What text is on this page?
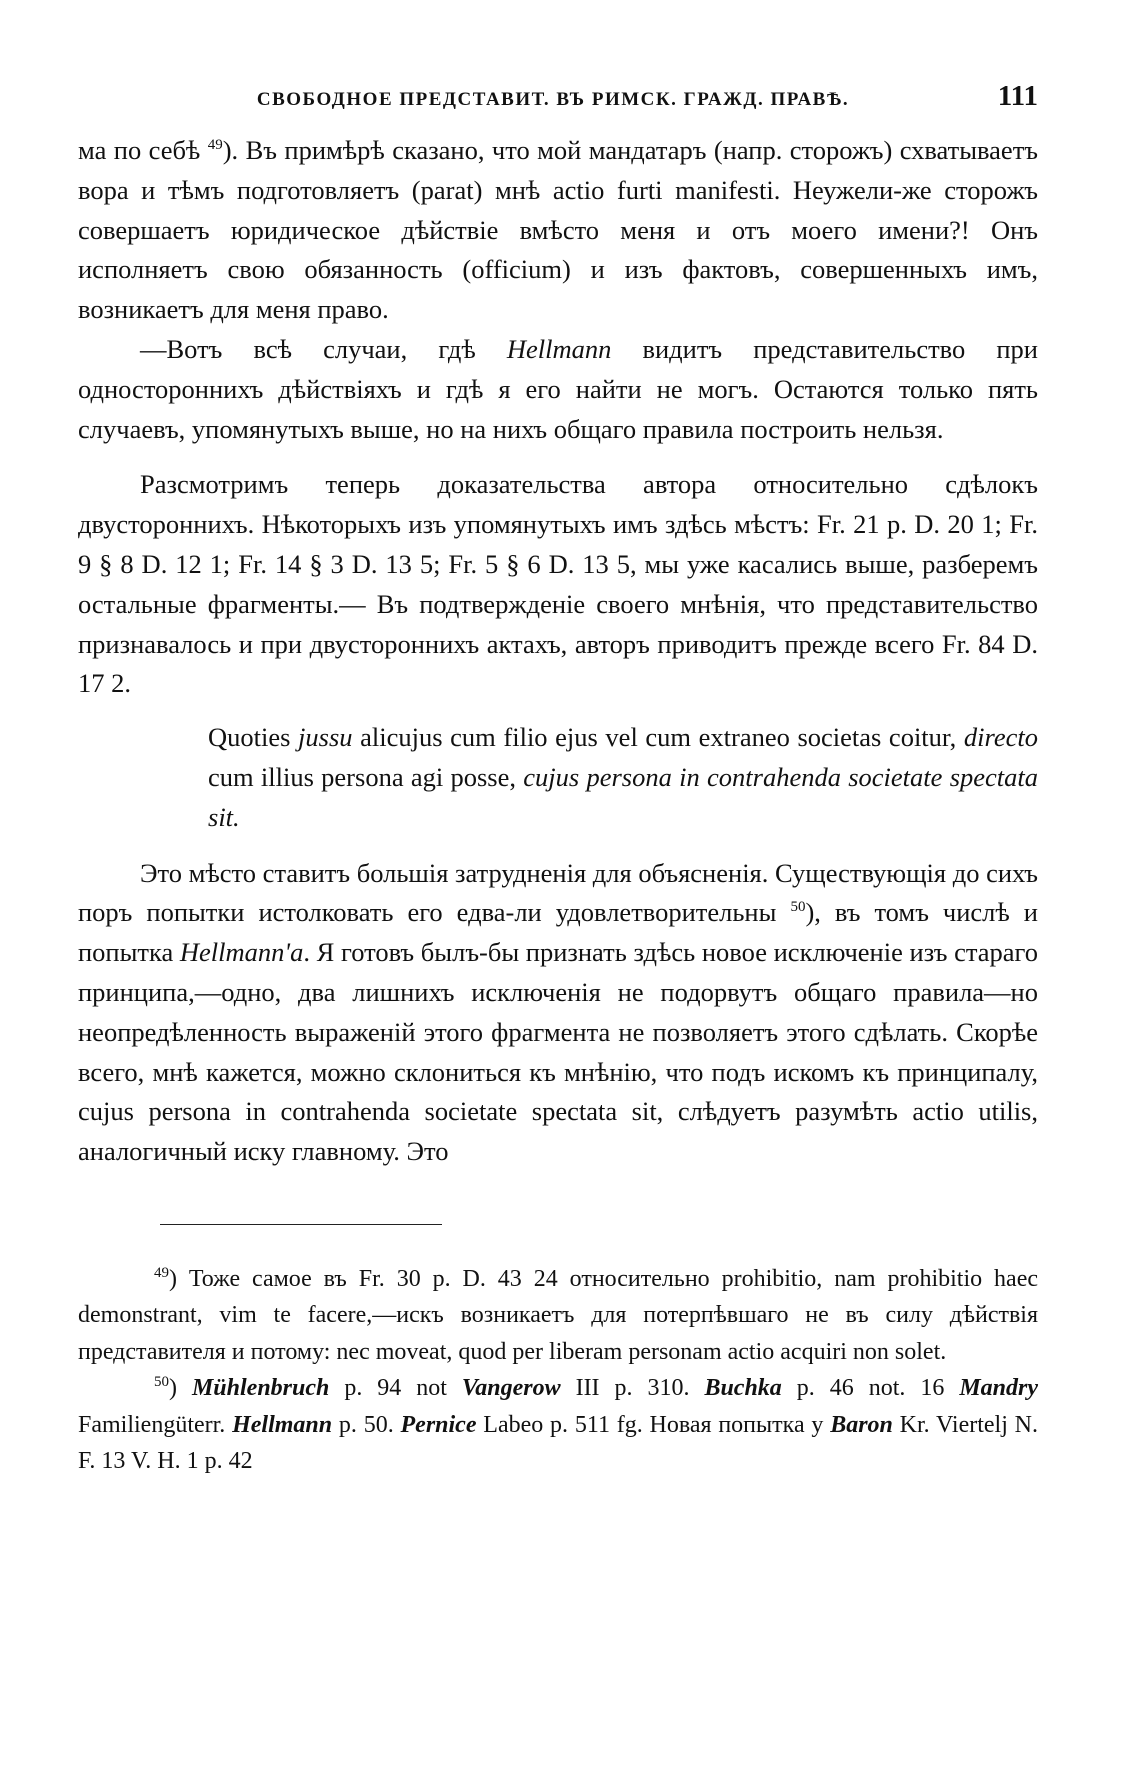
СВОБОДНОЕ ПРЕДСТАВИТ. ВЪ РИМСК. ГРАЖД. ПРАВѢ.	111

ма по себѣ $^{49}$). Въ примѣрѣ сказано, что мой мандатаръ (напр. сторожъ) схватываетъ вора и тѣмъ подготовляетъ (parat) мнѣ actio furti manifesti. Неужели-же сторожъ совершаетъ юридическое дѣйствіе вмѣсто меня и отъ моего имени?! Онъ исполняетъ свою обязанность (officium) и изъ фактовъ, совершенныхъ имъ, возникаетъ для меня право.

—Вотъ всѣ случаи, гдѣ Hellmann видитъ представительство при одностороннихъ дѣйствіяхъ и гдѣ я его найти не могъ. Остаются только пять случаевъ, упомянутыхъ выше, но на нихъ общаго правила построить нельзя.

Разсмотримъ теперь доказательства автора относительно сдѣлокъ двустороннихъ. Нѣкоторыхъ изъ упомянутыхъ имъ здѣсь мѣстъ: Fr. 21 p. D. 20 1; Fr. 9 § 8 D. 12 1; Fr. 14 § 3 D. 13 5; Fr. 5 § 6 D. 13 5, мы уже касались выше, разберемъ остальные фрагменты.— Въ подтвержденіе своего мнѣнія, что представительство признавалось и при двустороннихъ актахъ, авторъ приводитъ прежде всего Fr. 84 D. 17 2.

Quoties jussu alicujus cum filio ejus vel cum extraneo societas coitur, directo cum illius persona agi posse, cujus persona in contrahenda societate spectata sit.

Это мѣсто ставитъ большія затрудненія для объясненія. Существующія до сихъ поръ попытки истолковать его едва-ли удовлетворительны $^{50}$), въ томъ числѣ и попытка Hellmann'a. Я готовъ былъ-бы признать здѣсь новое исключеніе изъ стараго принципа,—одно, два лишнихъ исключенія не подорвутъ общаго правила—но неопредѣленность выраженій этого фрагмента не позволяетъ этого сдѣлать. Скорѣе всего, мнѣ кажется, можно склониться къ мнѣнію, что подъ искомъ къ принципалу, cujus persona in contrahenda societate spectata sit, слѣдуетъ разумѣть actio utilis, аналогичный иску главному. Это

$^{49}$) Тоже самое въ Fr. 30 p. D. 43 24 относительно prohibitio, nam prohibitio haec demonstrant, vim te facere,—искъ возникаетъ для потерпѣвшаго не въ силу дѣйствія представителя и потому: nec moveat, quod per liberam personam actio acquiri non solet.

$^{50}$) Mühlenbruch p. 94 not Vangerow III p. 310. Buchka p. 46 not. 16 Mandry Familiengüterr. Hellmann p. 50. Pernice Labeo p. 511 fg. Новая попытка у Baron Kr. Viertelj N. F. 13 V. H. 1 p. 42
